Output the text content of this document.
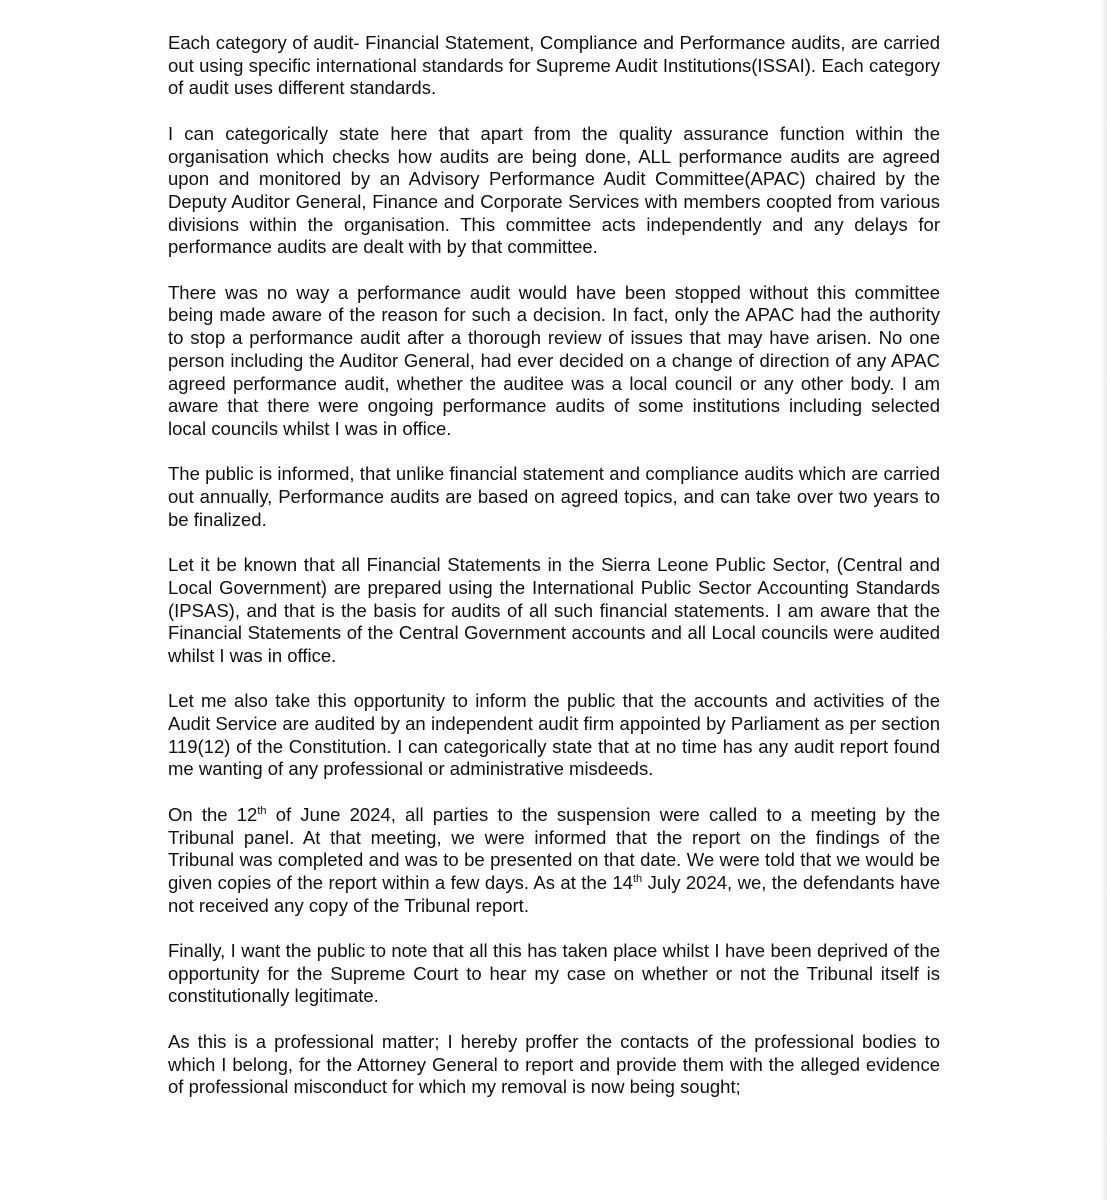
Each category of audit- Financial Statement, Compliance and Performance audits, are carried out using specific international standards for Supreme Audit Institutions(ISSAI). Each category of audit uses different standards.

I can categorically state here that apart from the quality assurance function within the organisation which checks how audits are being done, ALL performance audits are agreed upon and monitored by an Advisory Performance Audit Committee(APAC) chaired by the Deputy Auditor General, Finance and Corporate Services with members coopted from various divisions within the organisation. This committee acts independently and any delays for performance audits are dealt with by that committee.

There was no way a performance audit would have been stopped without this committee being made aware of the reason for such a decision. In fact, only the APAC had the authority to stop a performance audit after a thorough review of issues that may have arisen. No one person including the Auditor General, had ever decided on a change of direction of any APAC agreed performance audit, whether the auditee was a local council or any other body. I am aware that there were ongoing performance audits of some institutions including selected local councils whilst I was in office.

The public is informed, that unlike financial statement and compliance audits which are carried out annually, Performance audits are based on agreed topics, and can take over two years to be finalized.

Let it be known that all Financial Statements in the Sierra Leone Public Sector, (Central and Local Government) are prepared using the International Public Sector Accounting Standards (IPSAS), and that is the basis for audits of all such financial statements. I am aware that the Financial Statements of the Central Government accounts and all Local councils were audited whilst I was in office.

Let me also take this opportunity to inform the public that the accounts and activities of the Audit Service are audited by an independent audit firm appointed by Parliament as per section 119(12) of the Constitution. I can categorically state that at no time has any audit report found me wanting of any professional or administrative misdeeds.

On the 12th of June 2024, all parties to the suspension were called to a meeting by the Tribunal panel. At that meeting, we were informed that the report on the findings of the Tribunal was completed and was to be presented on that date. We were told that we would be given copies of the report within a few days. As at the 14th July 2024, we, the defendants have not received any copy of the Tribunal report.

Finally, I want the public to note that all this has taken place whilst I have been deprived of the opportunity for the Supreme Court to hear my case on whether or not the Tribunal itself is constitutionally legitimate.

As this is a professional matter; I hereby proffer the contacts of the professional bodies to which I belong, for the Attorney General to report and provide them with the alleged evidence of professional misconduct for which my removal is now being sought;
